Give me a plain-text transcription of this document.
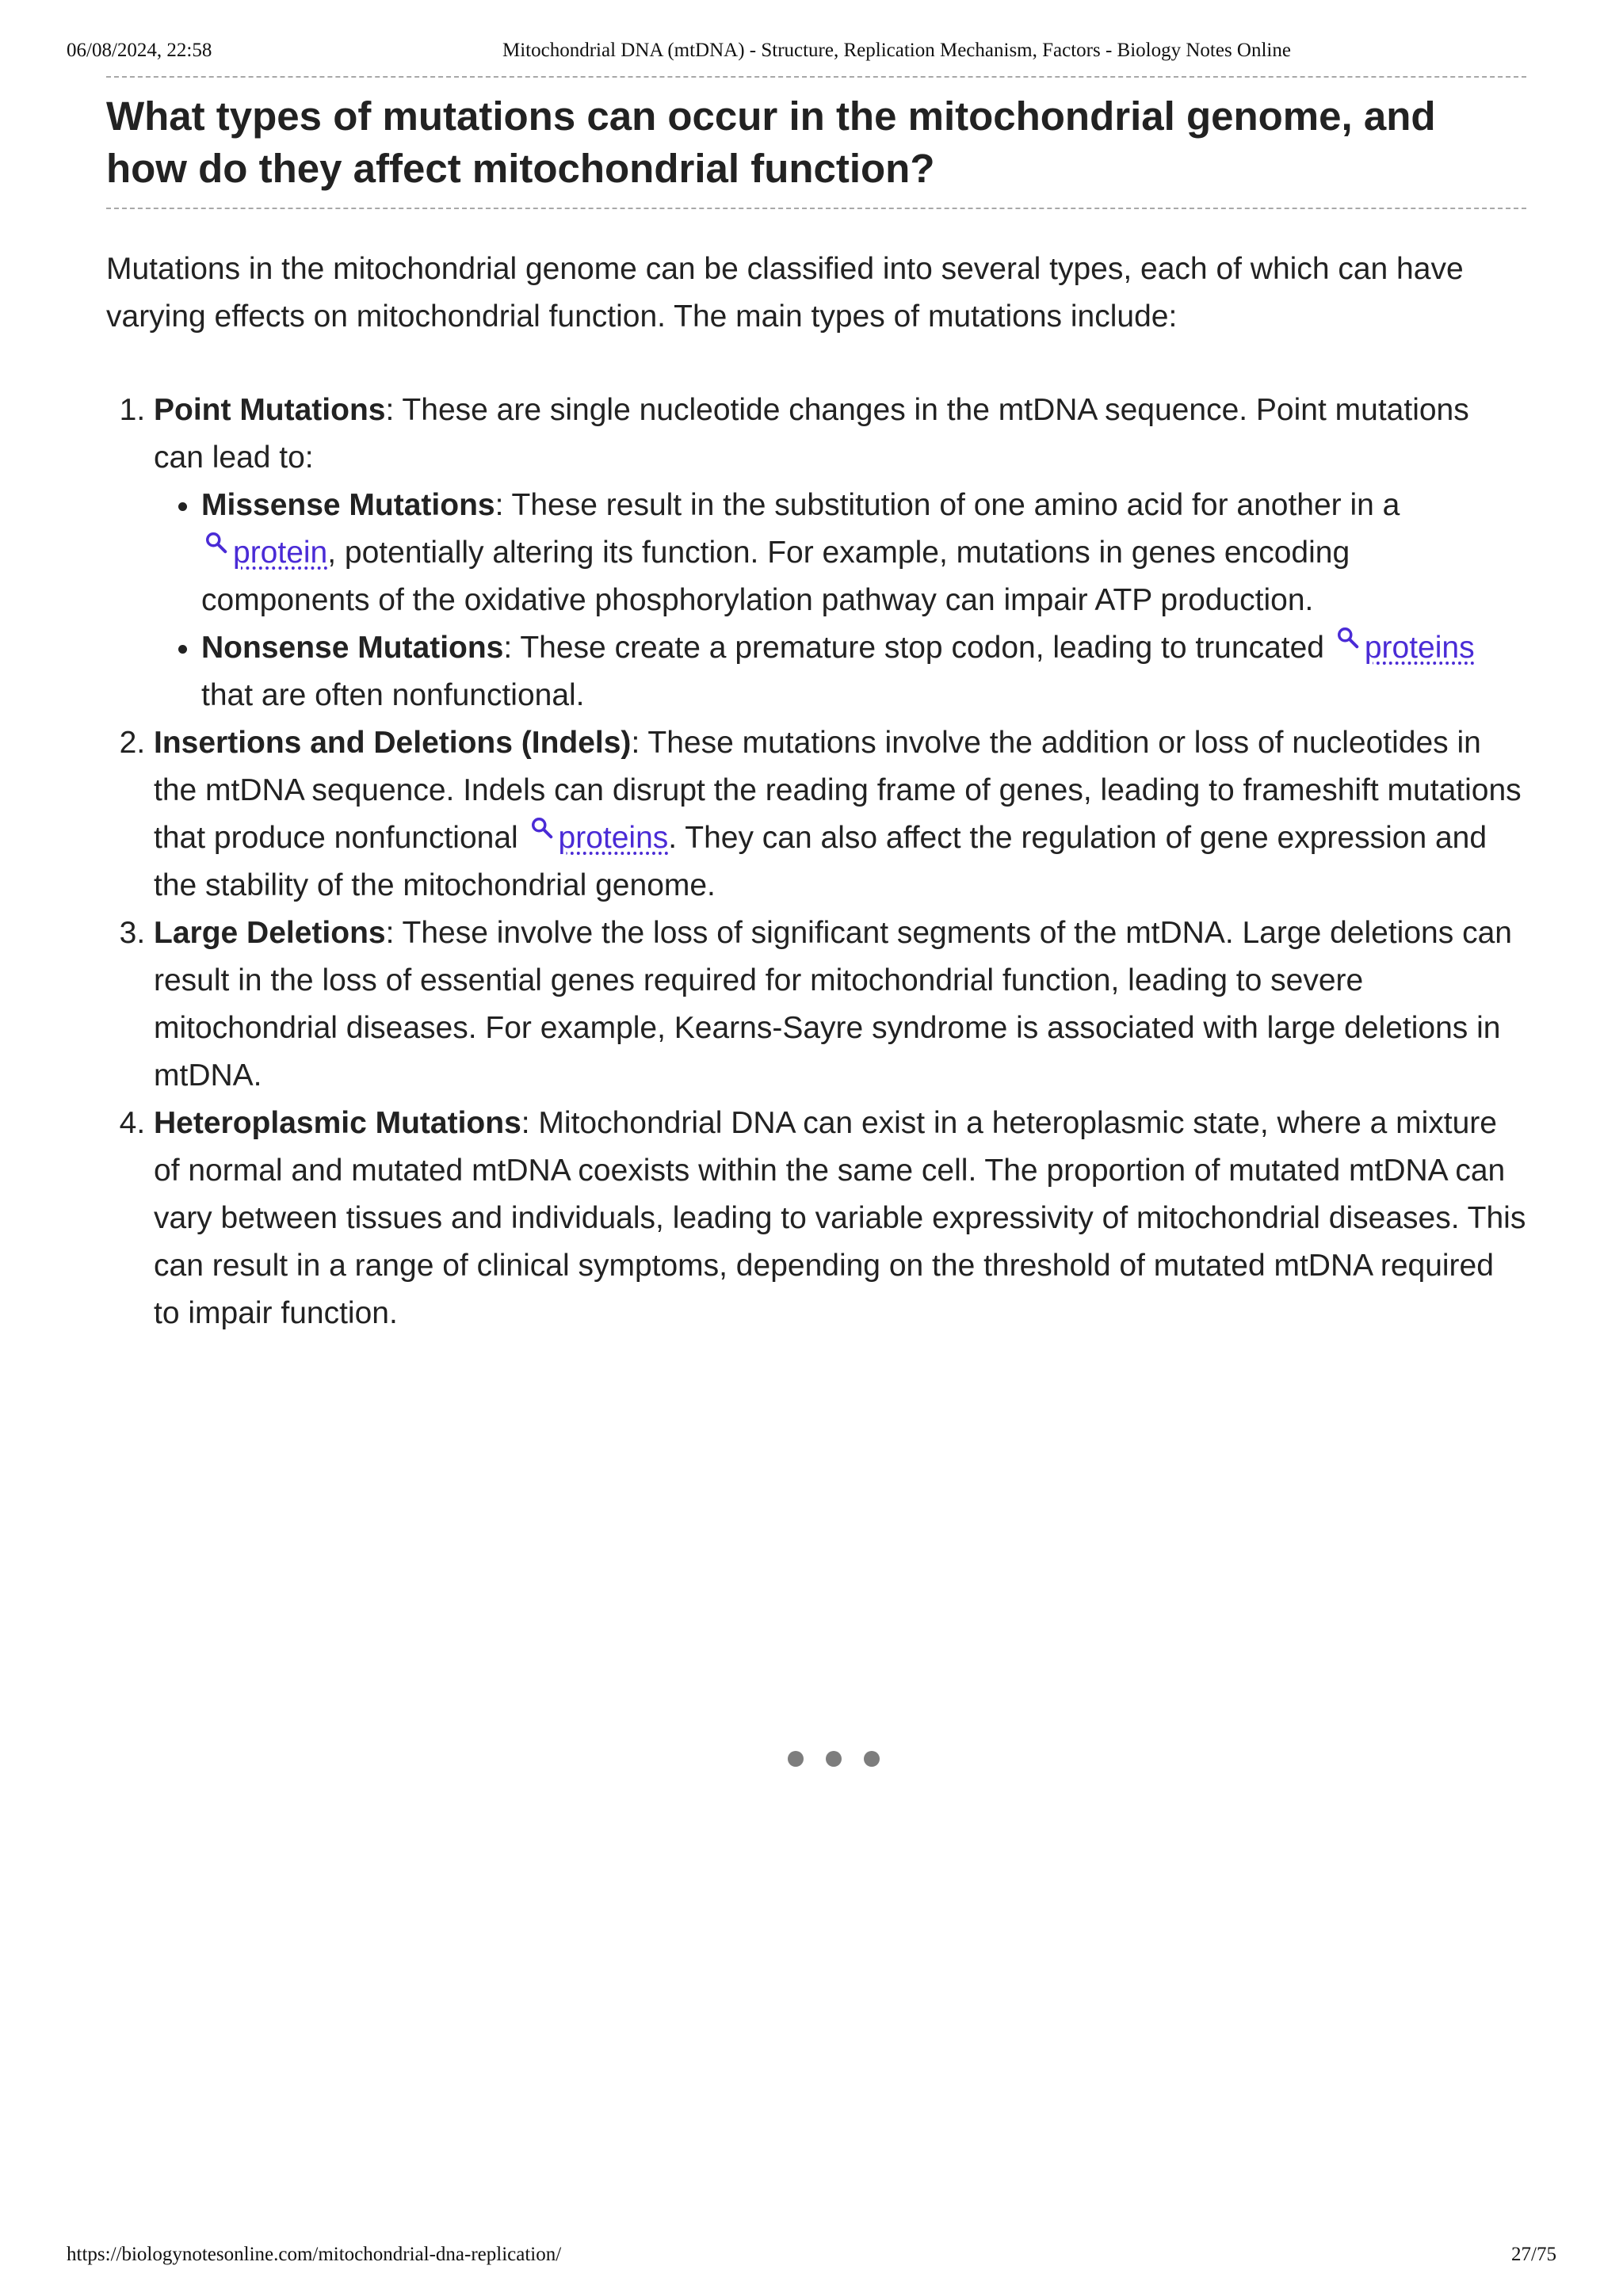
06/08/2024, 22:58	Mitochondrial DNA (mtDNA) - Structure, Replication Mechanism, Factors - Biology Notes Online
What types of mutations can occur in the mitochondrial genome, and how do they affect mitochondrial function?

Mutations in the mitochondrial genome can be classified into several types, each of which can have varying effects on mitochondrial function. The main types of mutations include:

1. Point Mutations: These are single nucleotide changes in the mtDNA sequence. Point mutations can lead to:
• Missense Mutations: These result in the substitution of one amino acid for another in a protein, potentially altering its function. For example, mutations in genes encoding components of the oxidative phosphorylation pathway can impair ATP production.
• Nonsense Mutations: These create a premature stop codon, leading to truncated proteins that are often nonfunctional.
2. Insertions and Deletions (Indels): These mutations involve the addition or loss of nucleotides in the mtDNA sequence. Indels can disrupt the reading frame of genes, leading to frameshift mutations that produce nonfunctional proteins. They can also affect the regulation of gene expression and the stability of the mitochondrial genome.
3. Large Deletions: These involve the loss of significant segments of the mtDNA. Large deletions can result in the loss of essential genes required for mitochondrial function, leading to severe mitochondrial diseases. For example, Kearns-Sayre syndrome is associated with large deletions in mtDNA.
4. Heteroplasmic Mutations: Mitochondrial DNA can exist in a heteroplasmic state, where a mixture of normal and mutated mtDNA coexists within the same cell. The proportion of mutated mtDNA can vary between tissues and individuals, leading to variable expressivity of mitochondrial diseases. This can result in a range of clinical symptoms, depending on the threshold of mutated mtDNA required to impair function.
https://biologynotesonline.com/mitochondrial-dna-replication/	27/75
